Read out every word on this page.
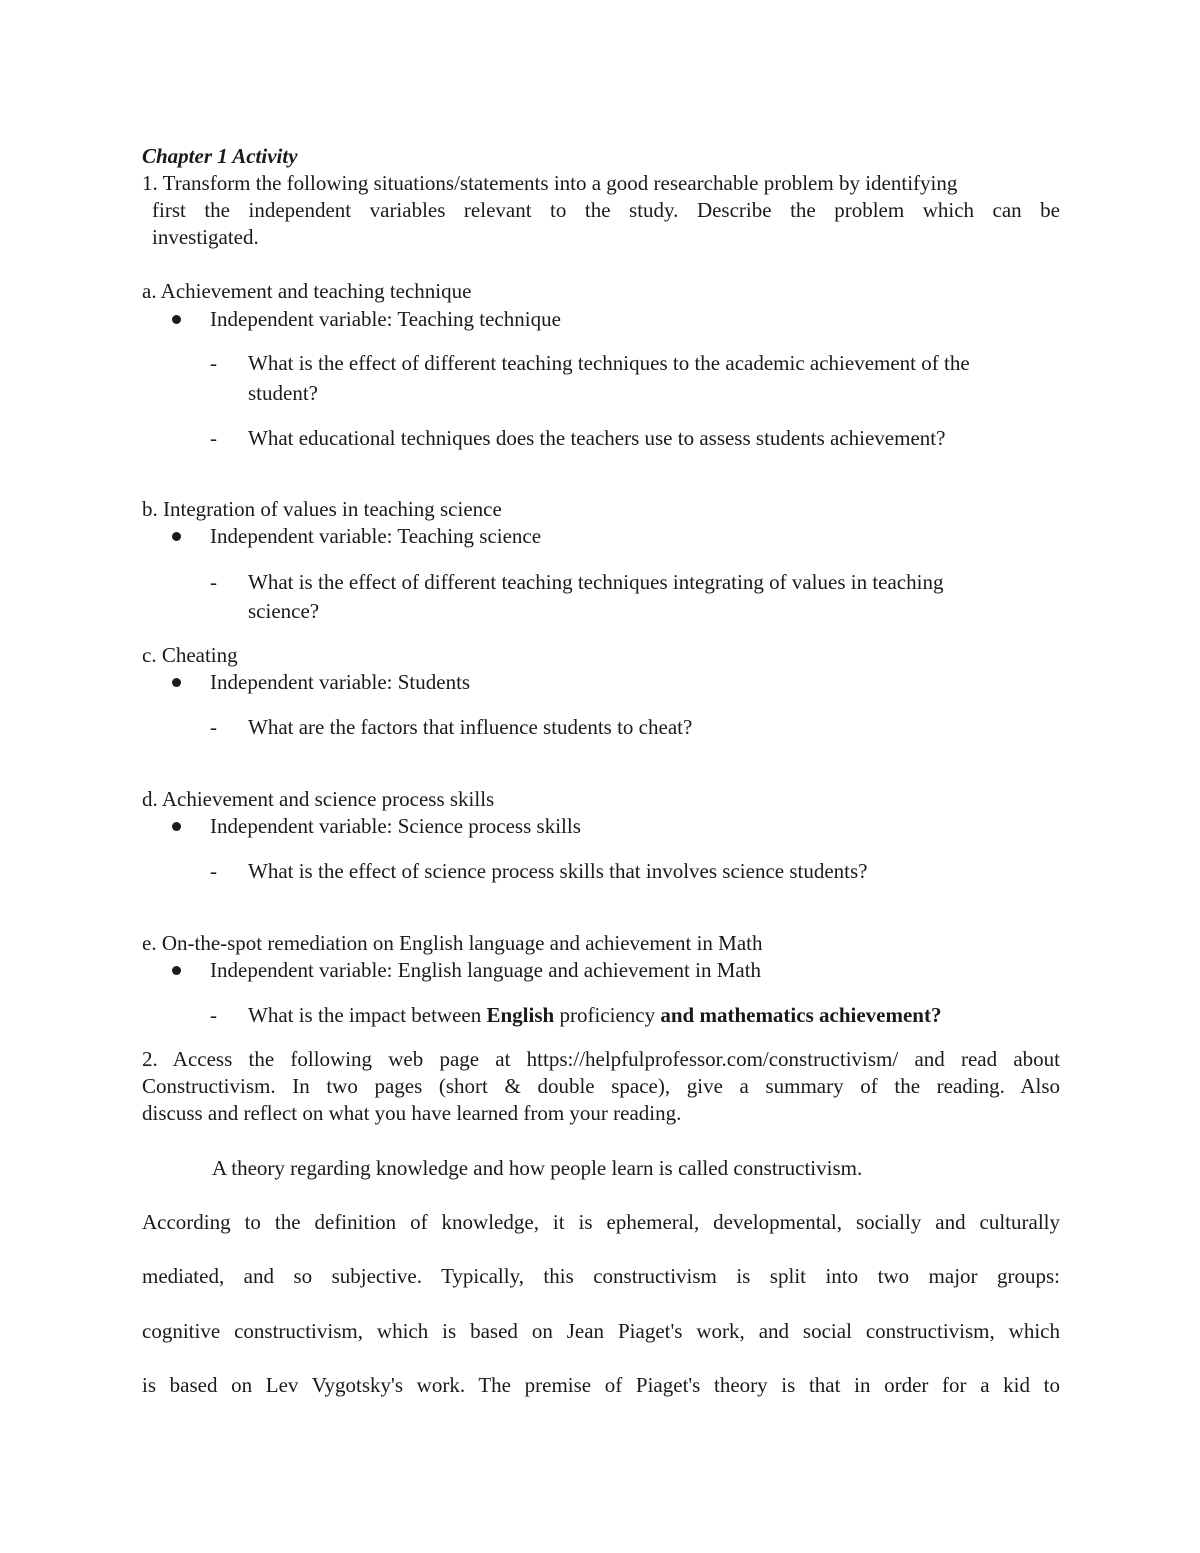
Chapter 1 Activity
1. Transform the following situations/statements into a good researchable problem by identifying
first the independent variables relevant to the study. Describe the problem which can be
investigated.
a. Achievement and teaching technique
Independent variable: Teaching technique
- What is the effect of different teaching techniques to the academic achievement of the
student?
- What educational techniques does the teachers use to assess students achievement?
b. Integration of values in teaching science
Independent variable: Teaching science
- What is the effect of different teaching techniques integrating of values in teaching
science?
c. Cheating
Independent variable: Students
- What are the factors that influence students to cheat?
d. Achievement and science process skills
Independent variable: Science process skills
- What is the effect of science process skills that involves science students?
e. On-the-spot remediation on English language and achievement in Math
Independent variable: English language and achievement in Math
- What is the impact between English proficiency and mathematics achievement?
2. Access the following web page at https://helpfulprofessor.com/constructivism/ and read about
Constructivism. In two pages (short & double space), give a summary of the reading. Also
discuss and reflect on what you have learned from your reading.
A theory regarding knowledge and how people learn is called constructivism.
According to the definition of knowledge, it is ephemeral, developmental, socially and culturally
mediated, and so subjective. Typically, this constructivism is split into two major groups:
cognitive constructivism, which is based on Jean Piaget's work, and social constructivism, which
is based on Lev Vygotsky's work. The premise of Piaget's theory is that in order for a kid to
